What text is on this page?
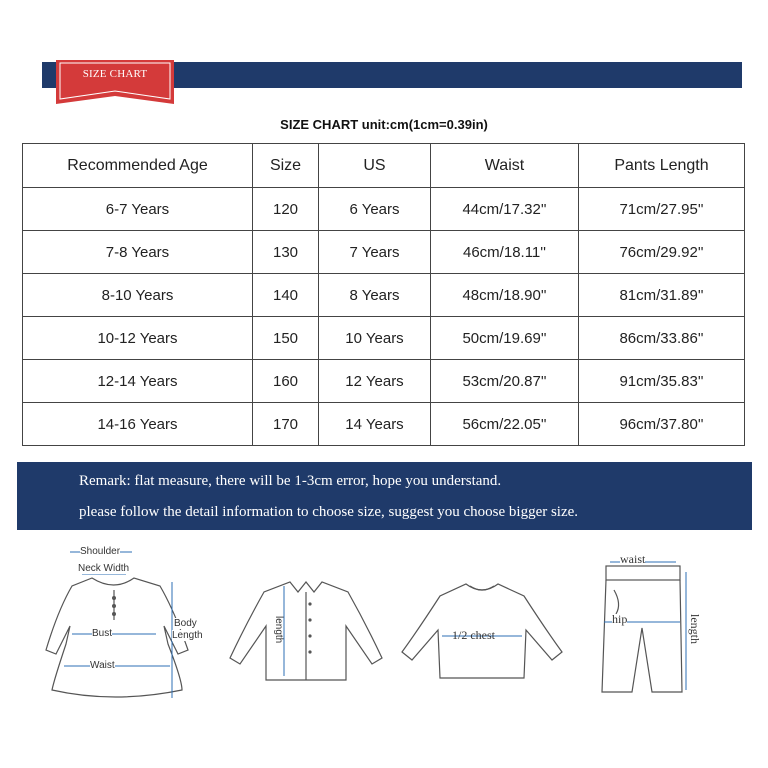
SIZE CHART
SIZE CHART unit:cm(1cm=0.39in)
Recommended Age	Size	US	Waist	Pants Length
6-7 Years	120	6 Years	44cm/17.32''	71cm/27.95''
7-8 Years	130	7 Years	46cm/18.11''	76cm/29.92''
8-10 Years	140	8 Years	48cm/18.90''	81cm/31.89''
10-12 Years	150	10 Years	50cm/19.69''	86cm/33.86''
12-14 Years	160	12 Years	53cm/20.87''	91cm/35.83''
14-16 Years	170	14 Years	56cm/22.05''	96cm/37.80''
Remark: flat measure, there will be 1-3cm error, hope you understand.
please follow the detail information to choose size, suggest you choose bigger size.
Shoulder
Neck Width
Body
Length
Bust
Waist
length	1/2 chest
waist
hip	length
